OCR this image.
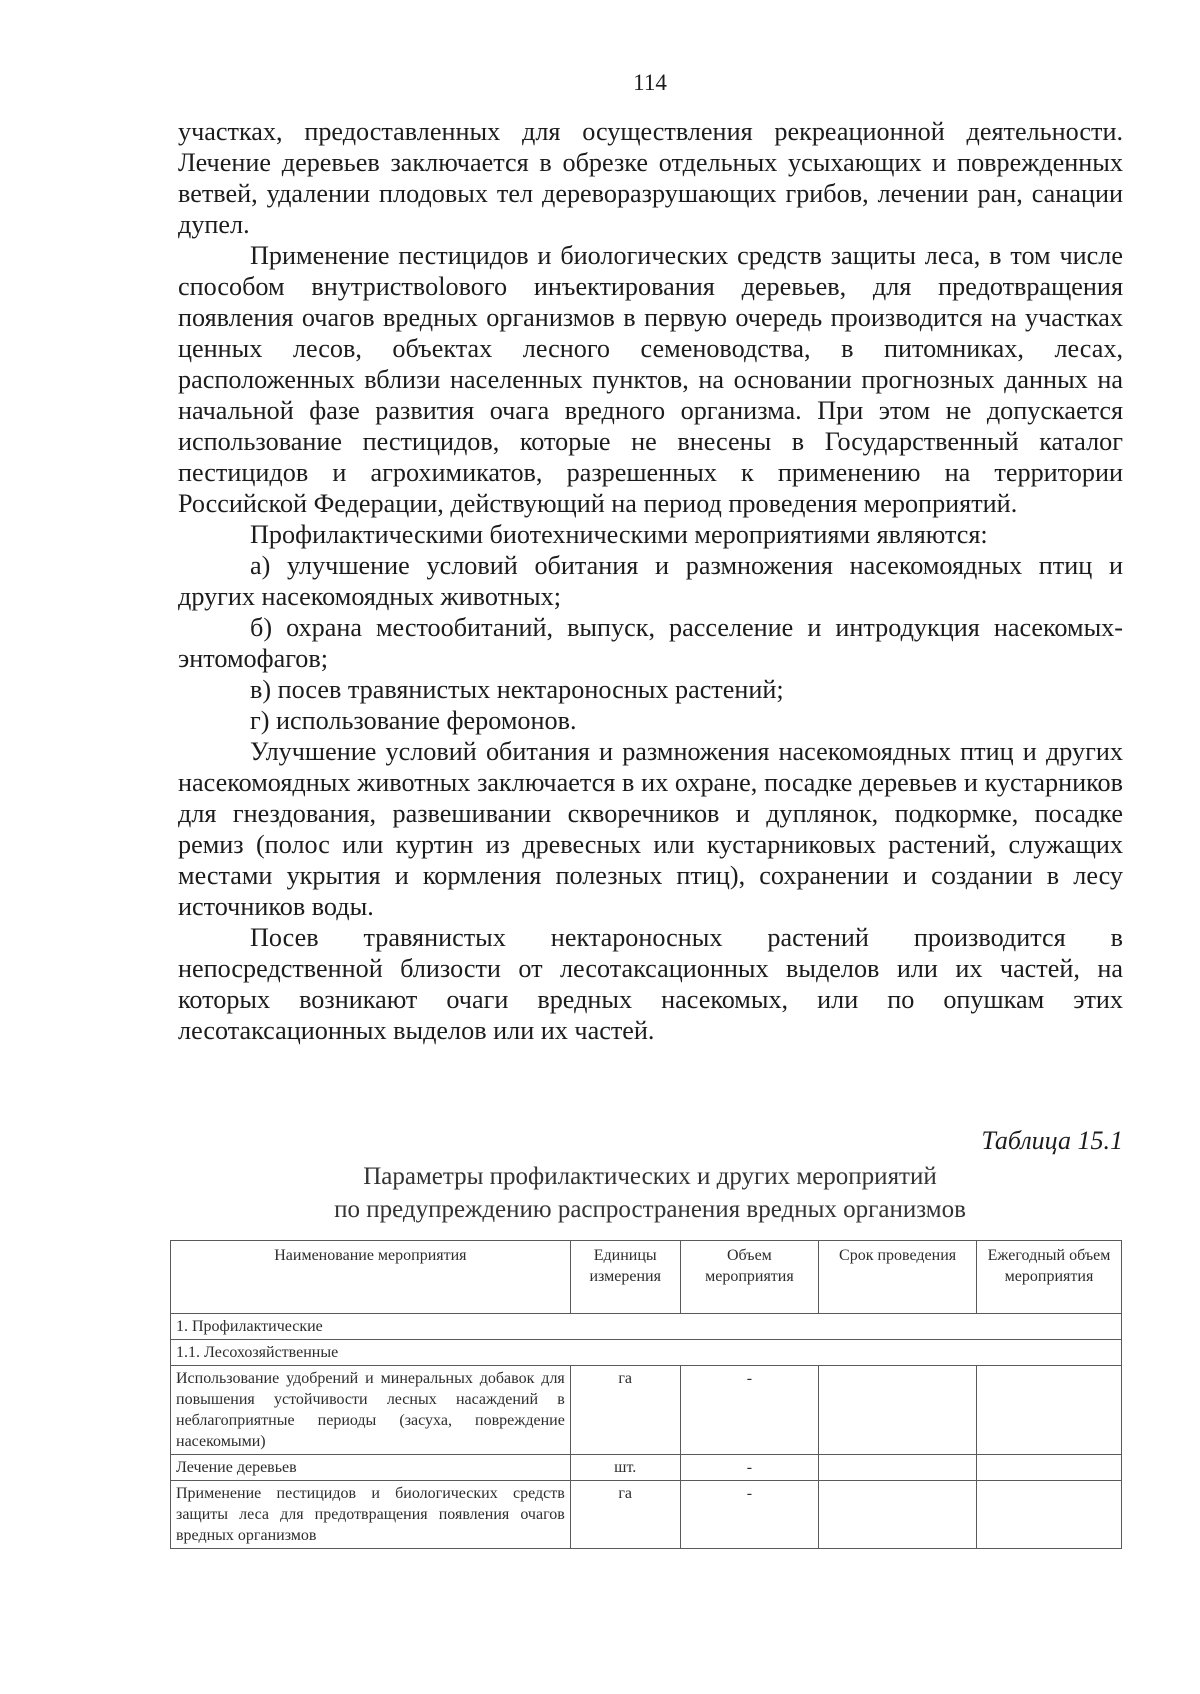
114

участках, предоставленных для осуществления рекреационной деятельности. Лечение деревьев заключается в обрезке отдельных усыхающих и поврежденных ветвей, удалении плодовых тел дереворазрушающих грибов, лечении ран, санации дупел.

Применение пестицидов и биологических средств защиты леса, в том числе способом внутриствolового инъектирования деревьев, для предотвращения появления очагов вредных организмов в первую очередь производится на участках ценных лесов, объектах лесного семеноводства, в питомниках, лесах, расположенных вблизи населенных пунктов, на основании прогнозных данных на начальной фазе развития очага вредного организма. При этом не допускается использование пестицидов, которые не внесены в Государственный каталог пестицидов и агрохимикатов, разрешенных к применению на территории Российской Федерации, действующий на период проведения мероприятий.

Профилактическими биотехническими мероприятиями являются:

а) улучшение условий обитания и размножения насекомоядных птиц и других насекомоядных животных;

б) охрана местообитаний, выпуск, расселение и интродукция насекомых-энтомофагов;

в) посев травянистых нектароносных растений;

г) использование феромонов.

Улучшение условий обитания и размножения насекомоядных птиц и других насекомоядных животных заключается в их охране, посадке деревьев и кустарников для гнездования, развешивании скворечников и дуплянок, подкормке, посадке ремиз (полос или куртин из древесных или кустарниковых растений, служащих местами укрытия и кормления полезных птиц), сохранении и создании в лесу источников воды.

Посев травянистых нектароносных растений производится в непосредственной близости от лесотаксационных выделов или их частей, на которых возникают очаги вредных насекомых, или по опушкам этих лесотаксационных выделов или их частей.

Таблица 15.1
Параметры профилактических и других мероприятий
по предупреждению распространения вредных организмов
Наименование мероприятия	Единицы измерения	Объем мероприятия	Срок проведения	Ежегодный объем мероприятия
1. Профилактические				
1.1. Лесохозяйственные				
Использование удобрений и минеральных добавок для повышения устойчивости лесных насаждений в неблагоприятные периоды (засуха, повреждение насекомыми)	га	-		
Лечение деревьев	шт.	-		
Применение пестицидов и биологических средств защиты леса для предотвращения появления очагов вредных организмов	га	-		
